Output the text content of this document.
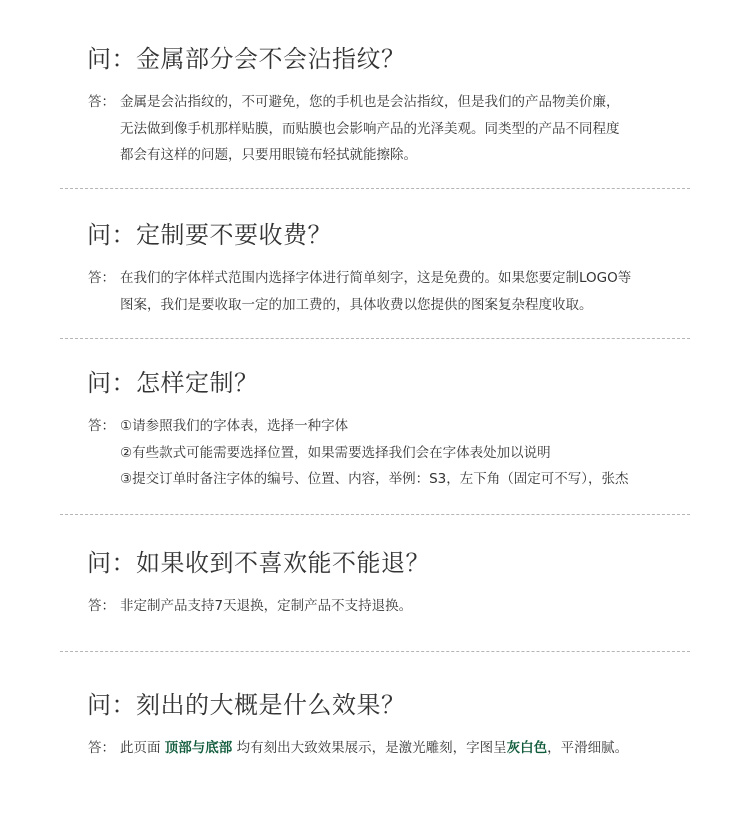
问：金属部分会不会沾指纹？
答： 金属是会沾指纹的，不可避免，您的手机也是会沾指纹，但是我们的产品物美价廉，
无法做到像手机那样贴膜，而贴膜也会影响产品的光泽美观。同类型的产品不同程度
都会有这样的问题，只要用眼镜布轻拭就能擦除。
问：定制要不要收费？
答： 在我们的字体样式范围内选择字体进行简单刻字，这是免费的。如果您要定制LOGO等
图案，我们是要收取一定的加工费的，具体收费以您提供的图案复杂程度收取。
问：怎样定制？
答： ①请参照我们的字体表，选择一种字体
②有些款式可能需要选择位置，如果需要选择我们会在字体表处加以说明
③提交订单时备注字体的编号、位置、内容，举例：S3，左下角（固定可不写），张杰
问：如果收到不喜欢能不能退？
答： 非定制产品支持7天退换，定制产品不支持退换。
问：刻出的大概是什么效果？
答： 此页面 顶部与底部 均有刻出大致效果展示，是激光雕刻，字图呈灰白色，平滑细腻。
